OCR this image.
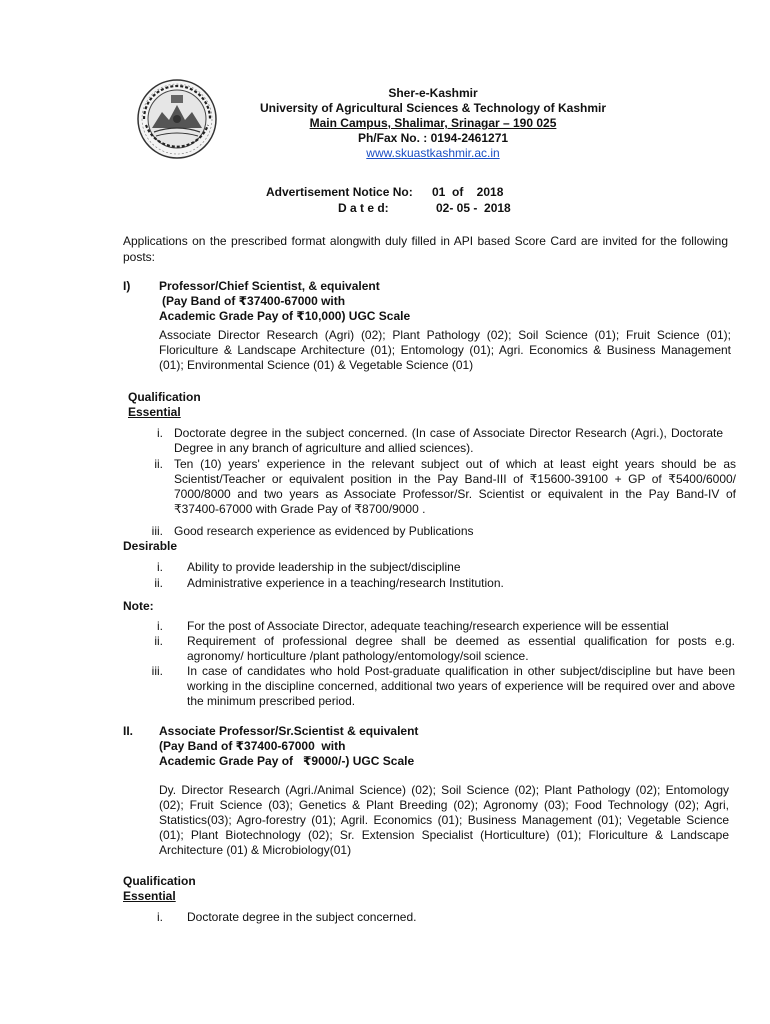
Sher-e-Kashmir
University of Agricultural Sciences & Technology of Kashmir
Main Campus, Shalimar, Srinagar – 190 025
Ph/Fax No. : 0194-2461271
www.skuastkashmir.ac.in
Advertisement Notice No: 01  of    2018
D a t e d:	02- 05 -  2018
Applications on the prescribed format alongwith duly filled in API based Score Card are invited for the following posts:
I) Professor/Chief Scientist, & equivalent
(Pay Band of ₹37400-67000 with
Academic Grade Pay of ₹10,000) UGC Scale
Associate Director Research (Agri) (02); Plant Pathology (02); Soil Science (01); Fruit Science (01); Floriculture & Landscape Architecture (01); Entomology (01); Agri. Economics & Business Management (01); Environmental Science (01) & Vegetable Science (01)
Qualification
Essential
i. Doctorate degree in the subject concerned. (In case of Associate Director Research (Agri.), Doctorate Degree in any branch of agriculture and allied sciences).
ii. Ten (10) years' experience in the relevant subject out of which at least eight years should be as Scientist/Teacher or equivalent position in the Pay Band-III of ₹15600-39100 + GP of ₹5400/6000/ 7000/8000 and two years as Associate Professor/Sr. Scientist or equivalent in the Pay Band-IV of ₹37400-67000 with Grade Pay of ₹8700/9000 .
iii. Good research experience as evidenced by Publications
Desirable
i. Ability to provide leadership in the subject/discipline
ii. Administrative experience in a teaching/research Institution.
Note:
i. For the post of Associate Director, adequate teaching/research experience will be essential
ii. Requirement of professional degree shall be deemed as essential qualification for posts e.g. agronomy/ horticulture /plant pathology/entomology/soil science.
iii. In case of candidates who hold Post-graduate qualification in other subject/discipline but have been working in the discipline concerned, additional two years of experience will be required over and above the minimum prescribed period.
II. Associate Professor/Sr.Scientist & equivalent
(Pay Band of ₹37400-67000  with
Academic Grade Pay of   ₹9000/-) UGC Scale
Dy. Director Research (Agri./Animal Science) (02); Soil Science (02); Plant Pathology (02); Entomology (02); Fruit Science (03); Genetics & Plant Breeding (02); Agronomy (03); Food Technology (02); Agri, Statistics(03); Agro-forestry (01); Agril. Economics (01); Business Management (01); Vegetable Science (01); Plant Biotechnology (02); Sr. Extension Specialist (Horticulture) (01); Floriculture & Landscape Architecture (01) & Microbiology(01)
Qualification
Essential
i. Doctorate degree in the subject concerned.
